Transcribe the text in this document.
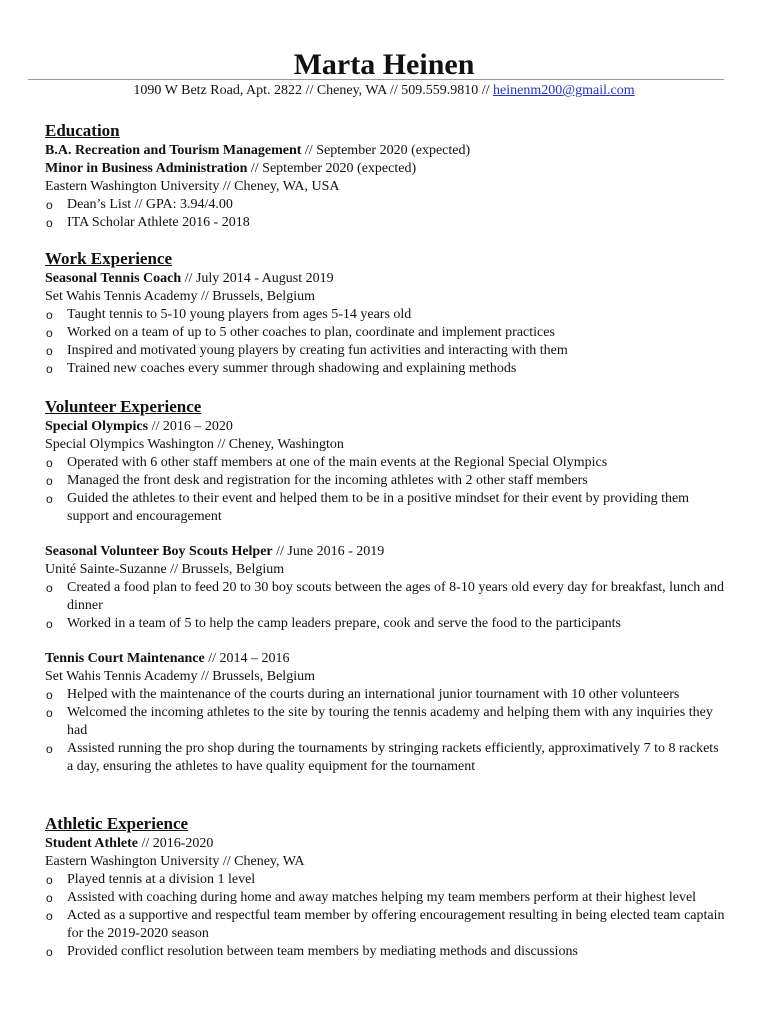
Marta Heinen
1090 W Betz Road, Apt. 2822 // Cheney, WA // 509.559.9810 // heinenm200@gmail.com
Education
B.A. Recreation and Tourism Management // September 2020 (expected)
Minor in Business Administration // September 2020 (expected)
Eastern Washington University // Cheney, WA, USA
o Dean’s List // GPA: 3.94/4.00
o ITA Scholar Athlete 2016 - 2018
Work Experience
Seasonal Tennis Coach // July 2014 - August 2019
Set Wahis Tennis Academy // Brussels, Belgium
o Taught tennis to 5-10 young players from ages 5-14 years old
o Worked on a team of up to 5 other coaches to plan, coordinate and implement practices
o Inspired and motivated young players by creating fun activities and interacting with them
o Trained new coaches every summer through shadowing and explaining methods
Volunteer Experience
Special Olympics // 2016 – 2020
Special Olympics Washington // Cheney, Washington
o Operated with 6 other staff members at one of the main events at the Regional Special Olympics
o Managed the front desk and registration for the incoming athletes with 2 other staff members
o Guided the athletes to their event and helped them to be in a positive mindset for their event by providing them support and encouragement
Seasonal Volunteer Boy Scouts Helper // June 2016 - 2019
Unité Sainte-Suzanne // Brussels, Belgium
o Created a food plan to feed 20 to 30 boy scouts between the ages of 8-10 years old every day for breakfast, lunch and dinner
o Worked in a team of 5 to help the camp leaders prepare, cook and serve the food to the participants
Tennis Court Maintenance // 2014 – 2016
Set Wahis Tennis Academy // Brussels, Belgium
o Helped with the maintenance of the courts during an international junior tournament with 10 other volunteers
o Welcomed the incoming athletes to the site by touring the tennis academy and helping them with any inquiries they had
o Assisted running the pro shop during the tournaments by stringing rackets efficiently, approximatively 7 to 8 rackets a day, ensuring the athletes to have quality equipment for the tournament
Athletic Experience
Student Athlete // 2016-2020
Eastern Washington University // Cheney, WA
o Played tennis at a division 1 level
o Assisted with coaching during home and away matches helping my team members perform at their highest level
o Acted as a supportive and respectful team member by offering encouragement resulting in being elected team captain for the 2019-2020 season
o Provided conflict resolution between team members by mediating methods and discussions
